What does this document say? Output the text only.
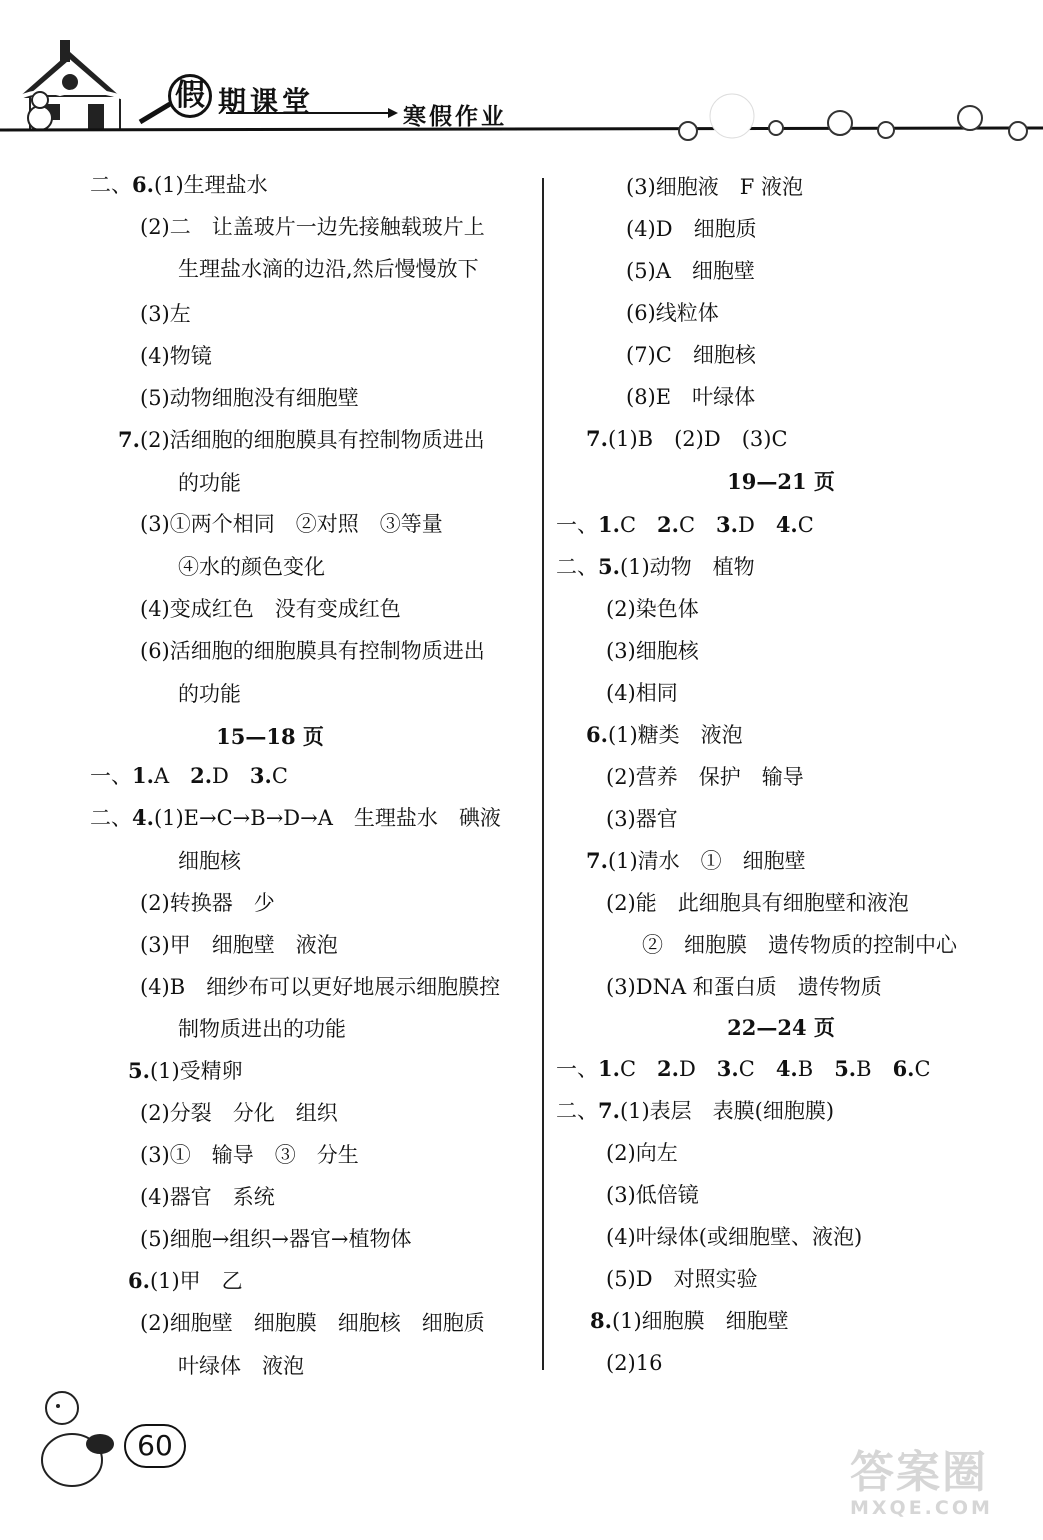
假 期课堂	寒假作业
二、6.(1)生理盐水
(2)二　让盖玻片一边先接触载玻片上
生理盐水滴的边沿,然后慢慢放下
(3)左
(4)物镜
(5)动物细胞没有细胞壁
7.(2)活细胞的细胞膜具有控制物质进出
的功能
(3)①两个相同　②对照　③等量
④水的颜色变化
(4)变成红色　没有变成红色
(6)活细胞的细胞膜具有控制物质进出
的功能
15—18 页
一、1.A　2.D　3.C
二、4.(1)E→C→B→D→A　生理盐水　碘液
细胞核
(2)转换器　少
(3)甲　细胞壁　液泡
(4)B　细纱布可以更好地展示细胞膜控
制物质进出的功能
5.(1)受精卵
(2)分裂　分化　组织
(3)①　输导　③　分生
(4)器官　系统
(5)细胞→组织→器官→植物体
6.(1)甲　乙
(2)细胞壁　细胞膜　细胞核　细胞质
叶绿体　液泡
(3)细胞液　F 液泡
(4)D　细胞质
(5)A　细胞壁
(6)线粒体
(7)C　细胞核
(8)E　叶绿体
7.(1)B　(2)D　(3)C
19—21 页
一、1.C　2.C　3.D　4.C
二、5.(1)动物　植物
(2)染色体
(3)细胞核
(4)相同
6.(1)糖类　液泡
(2)营养　保护　输导
(3)器官
7.(1)清水　①　细胞壁
(2)能　此细胞具有细胞壁和液泡
②　细胞膜　遗传物质的控制中心
(3)DNA 和蛋白质　遗传物质
22—24 页
一、1.C　2.D　3.C　4.B　5.B　6.C
二、7.(1)表层　表膜(细胞膜)
(2)向左
(3)低倍镜
(4)叶绿体(或细胞壁、液泡)
(5)D　对照实验
8.(1)细胞膜　细胞壁
(2)16
60
答案圈
MXQE.COM
